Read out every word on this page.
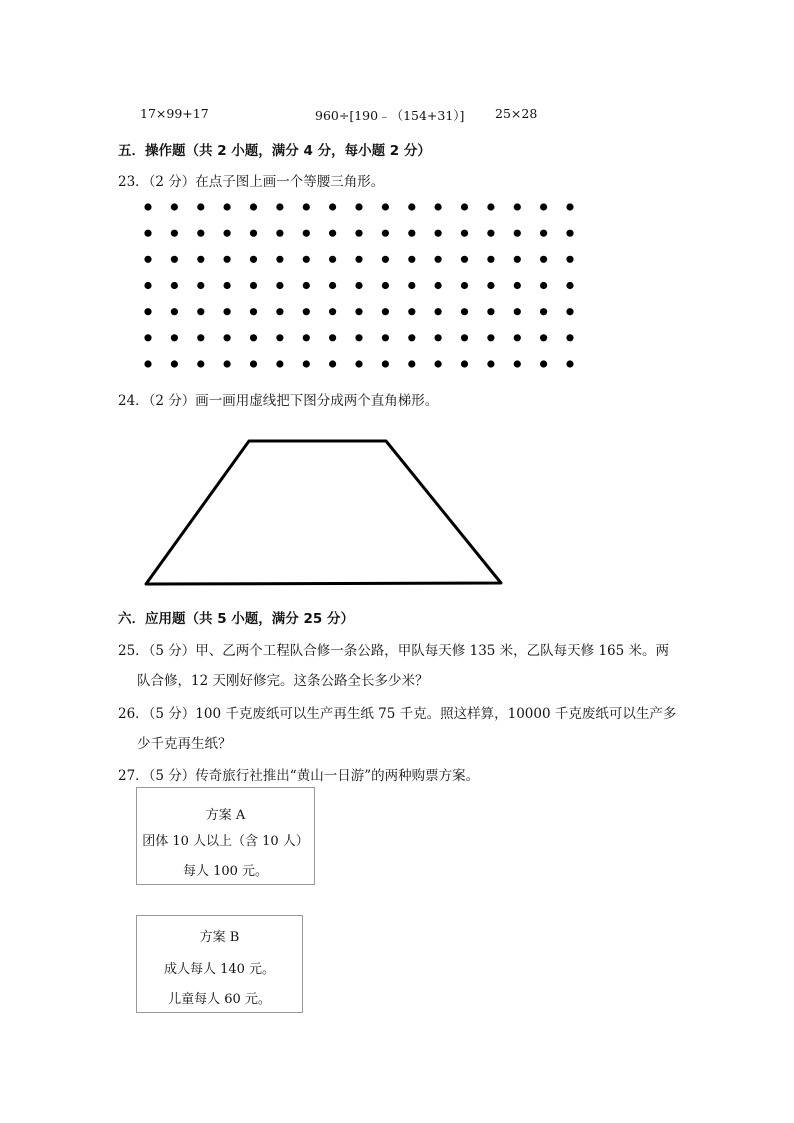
17×99+17	960÷[190﹣（154+31）] 25×28
五．操作题（共 2 小题，满分 4 分，每小题 2 分）
23．（2 分）在点子图上画一个等腰三角形。
24．（2 分）画一画用虚线把下图分成两个直角梯形。
六．应用题（共 5 小题，满分 25 分）
25．（5 分）甲、乙两个工程队合修一条公路，甲队每天修 135 米，乙队每天修 165 米。两
队合修，12 天刚好修完。这条公路全长多少米？
26．（5 分）100 千克废纸可以生产再生纸 75 千克。照这样算，10000 千克废纸可以生产多
少千克再生纸？
27．（5 分）传奇旅行社推出“黄山一日游”的两种购票方案。
方案 A
团体 10 人以上（含 10 人）
每人 100 元。
方案 B
成人每人 140 元。
儿童每人 60 元。
